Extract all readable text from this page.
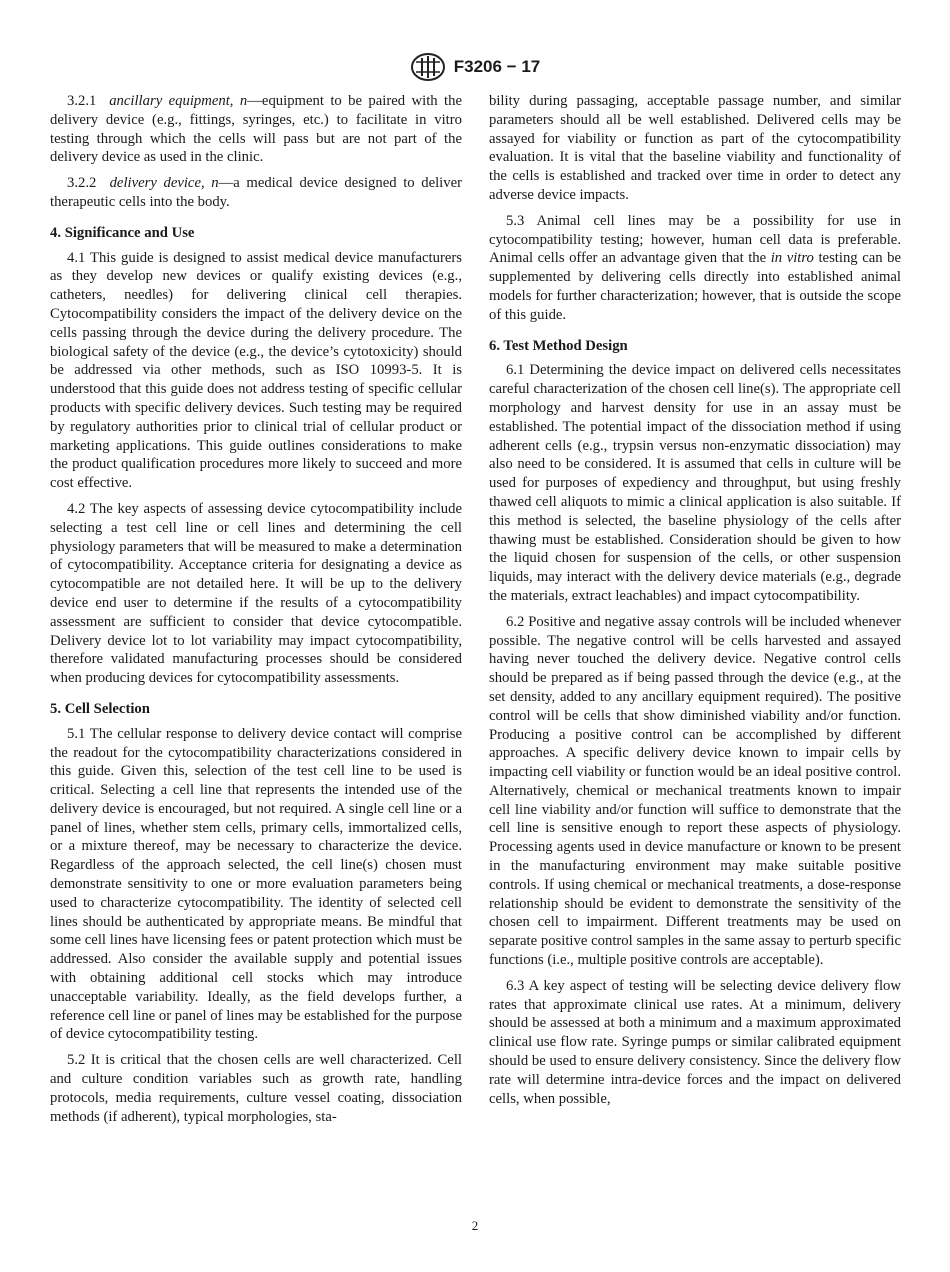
F3206 − 17

3.2.1 ancillary equipment, n—equipment to be paired with the delivery device (e.g., fittings, syringes, etc.) to facilitate in vitro testing through which the cells will pass but are not part of the delivery device as used in the clinic.

3.2.2 delivery device, n—a medical device designed to deliver therapeutic cells into the body.

4. Significance and Use

4.1 This guide is designed to assist medical device manufacturers as they develop new devices or qualify existing devices (e.g., catheters, needles) for delivering clinical cell therapies. Cytocompatibility considers the impact of the delivery device on the cells passing through the device during the delivery procedure. The biological safety of the device (e.g., the device’s cytotoxicity) should be addressed via other methods, such as ISO 10993-5. It is understood that this guide does not address testing of specific cellular products with specific delivery devices. Such testing may be required by regulatory authorities prior to clinical trial of cellular product or marketing applications. This guide outlines considerations to make the product qualification procedures more likely to succeed and more cost effective.

4.2 The key aspects of assessing device cytocompatibility include selecting a test cell line or cell lines and determining the cell physiology parameters that will be measured to make a determination of cytocompatibility. Acceptance criteria for designating a device as cytocompatible are not detailed here. It will be up to the delivery device end user to determine if the results of a cytocompatibility assessment are sufficient to consider that device cytocompatible. Delivery device lot to lot variability may impact cytocompatibility, therefore validated manufacturing processes should be considered when producing devices for cytocompatibility assessments.

5. Cell Selection

5.1 The cellular response to delivery device contact will comprise the readout for the cytocompatibility characterizations considered in this guide. Given this, selection of the test cell line to be used is critical. Selecting a cell line that represents the intended use of the delivery device is encouraged, but not required. A single cell line or a panel of lines, whether stem cells, primary cells, immortalized cells, or a mixture thereof, may be necessary to characterize the device. Regardless of the approach selected, the cell line(s) chosen must demonstrate sensitivity to one or more evaluation parameters being used to characterize cytocompatibility. The identity of selected cell lines should be authenticated by appropriate means. Be mindful that some cell lines have licensing fees or patent protection which must be addressed. Also consider the available supply and potential issues with obtaining additional cell stocks which may introduce unacceptable variability. Ideally, as the field develops further, a reference cell line or panel of lines may be established for the purpose of device cytocompatibility testing.

5.2 It is critical that the chosen cells are well characterized. Cell and culture condition variables such as growth rate, handling protocols, media requirements, culture vessel coating, dissociation methods (if adherent), typical morphologies, sta-

bility during passaging, acceptable passage number, and similar parameters should all be well established. Delivered cells may be assayed for viability or function as part of the cytocompatibility evaluation. It is vital that the baseline viability and functionality of the cells is established and tracked over time in order to detect any adverse device impacts.

5.3 Animal cell lines may be a possibility for use in cytocompatibility testing; however, human cell data is preferable. Animal cells offer an advantage given that the in vitro testing can be supplemented by delivering cells directly into established animal models for further characterization; however, that is outside the scope of this guide.

6. Test Method Design

6.1 Determining the device impact on delivered cells necessitates careful characterization of the chosen cell line(s). The appropriate cell morphology and harvest density for use in an assay must be established. The potential impact of the dissociation method if using adherent cells (e.g., trypsin versus non-enzymatic dissociation) may also need to be considered. It is assumed that cells in culture will be used for purposes of expediency and throughput, but using freshly thawed cell aliquots to mimic a clinical application is also suitable. If this method is selected, the baseline physiology of the cells after thawing must be established. Consideration should be given to how the liquid chosen for suspension of the cells, or other suspension liquids, may interact with the delivery device materials (e.g., degrade the materials, extract leachables) and impact cytocompatibility.

6.2 Positive and negative assay controls will be included whenever possible. The negative control will be cells harvested and assayed having never touched the delivery device. Negative control cells should be prepared as if being passed through the device (e.g., at the set density, added to any ancillary equipment required). The positive control will be cells that show diminished viability and/or function. Producing a positive control can be accomplished by different approaches. A specific delivery device known to impair cells by impacting cell viability or function would be an ideal positive control. Alternatively, chemical or mechanical treatments known to impair cell line viability and/or function will suffice to demonstrate that the cell line is sensitive enough to report these aspects of physiology. Processing agents used in device manufacture or known to be present in the manufacturing environment may make suitable positive controls. If using chemical or mechanical treatments, a dose-response relationship should be evident to demonstrate the sensitivity of the chosen cell to impairment. Different treatments may be used on separate positive control samples in the same assay to perturb specific functions (i.e., multiple positive controls are acceptable).

6.3 A key aspect of testing will be selecting device delivery flow rates that approximate clinical use rates. At a minimum, delivery should be assessed at both a minimum and a maximum approximated clinical use flow rate. Syringe pumps or similar calibrated equipment should be used to ensure delivery consistency. Since the delivery flow rate will determine intra-device forces and the impact on delivered cells, when possible,

2
